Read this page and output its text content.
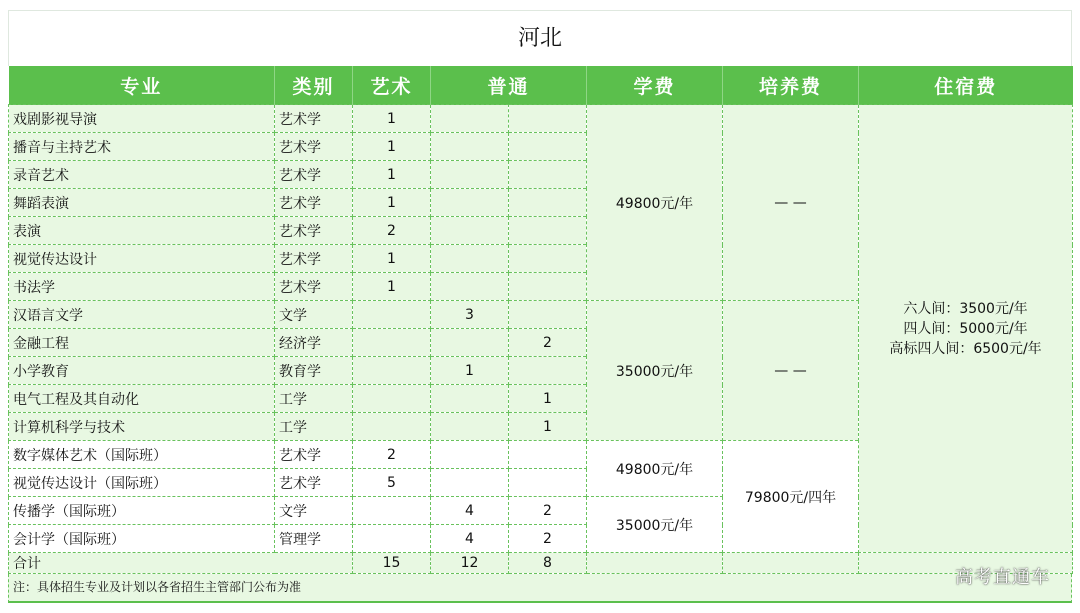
河北
专业	类别	艺术	普通		学费	培养费	住宿费
戏剧影视导演	艺术学	1			49800元/年	— —	六人间：3500元/年
四人间：5000元/年
高标四人间：6500元/年

播音与主持艺术	艺术学	1					
录音艺术	艺术学	1					
舞蹈表演	艺术学	1					
表演	艺术学	2					
视觉传达设计	艺术学	1					
书法学	艺术学	1					
汉语言文学	文学		3		35000元/年	— —	
金融工程	经济学			2			
小学教育	教育学		1				
电气工程及其自动化	工学			1			
计算机科学与技术	工学			1			
数字媒体艺术（国际班）	艺术学	2			49800元/年	79800元/四年	
视觉传达设计（国际班）	艺术学	5					
传播学（国际班）	文学		4	2	35000元/年		
会计学（国际班）	管理学		4	2			
合计		15	12	8			
注：具体招生专业及计划以各省招生主管部门公布为准	高考直通车
